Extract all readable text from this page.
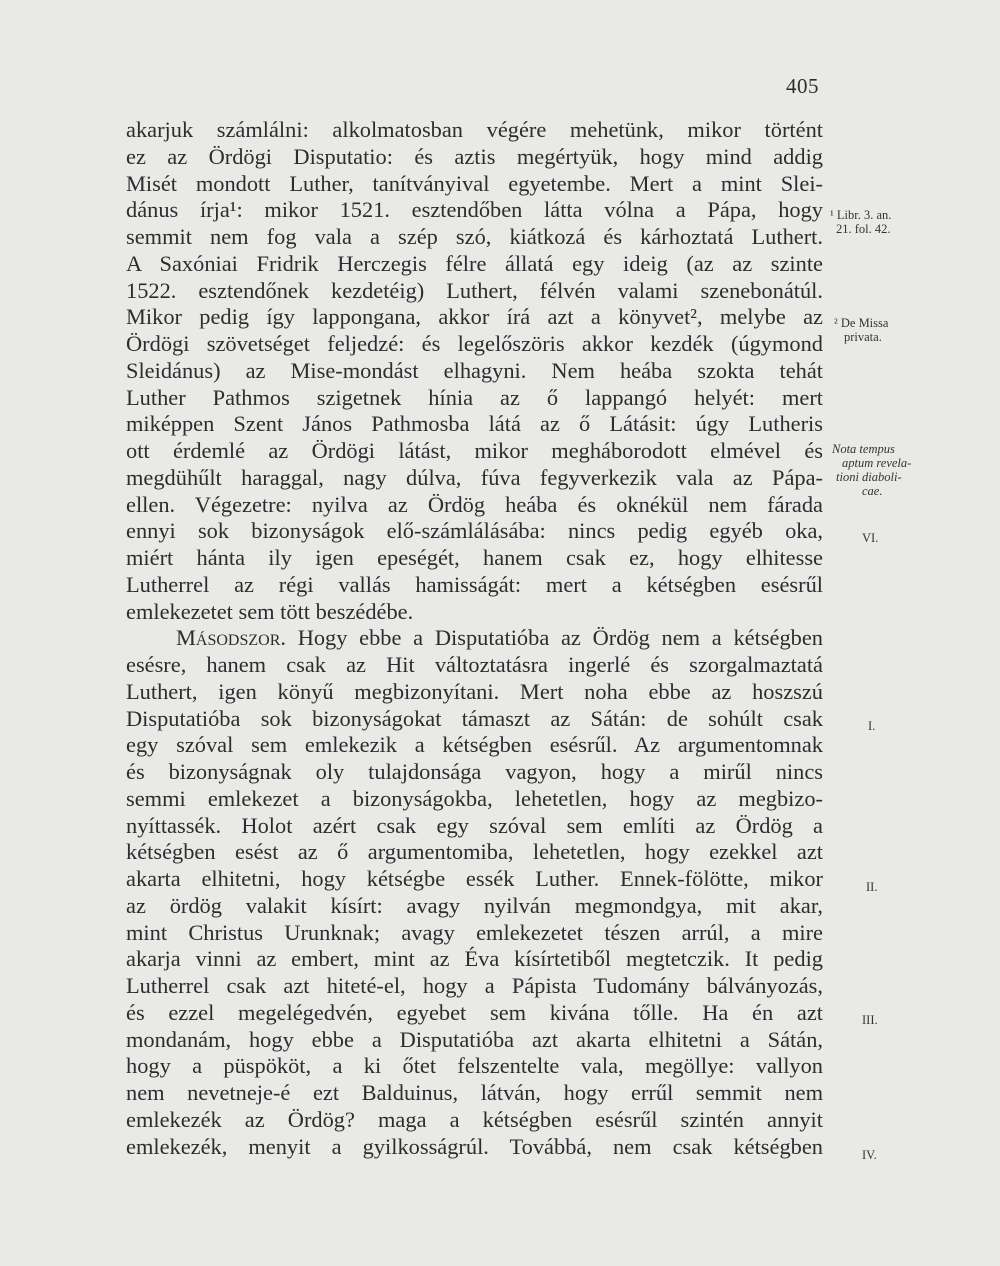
405
akarjuk számlálni: alkolmatosban végére mehetünk, mikor történt
ez az Ördögi Disputatio: és aztis megértyük, hogy mind addig
Misét mondott Luther, tanítványival egyetembe. Mert a mint Slei-
dánus írja¹: mikor 1521. esztendőben látta vólna a Pápa, hogy
semmit nem fog vala a szép szó, kiátkozá és kárhoztatá Luthert.
A Saxóniai Fridrik Herczegis félre állatá egy ideig (az az szinte
1522. esztendőnek kezdetéig) Luthert, félvén valami szenebonátúl.
Mikor pedig így lappongana, akkor írá azt a könyvet², melybe az
Ördögi szövetséget feljedzé: és legelőszöris akkor kezdék (úgymond
Sleidánus) az Mise-mondást elhagyni. Nem heába szokta tehát
Luther Pathmos szigetnek hínia az ő lappangó helyét: mert
miképpen Szent János Pathmosba látá az ő Látásit: úgy Lutheris
ott érdemlé az Ördögi látást, mikor megháborodott elmével és
megdühűlt haraggal, nagy dúlva, fúva fegyverkezik vala az Pápa-
ellen. Végezetre: nyilva az Ördög heába és oknékül nem fárada
ennyi sok bizonyságok elő-számlálásába: nincs pedig egyéb oka,
miért hánta ily igen epeségét, hanem csak ez, hogy elhitesse
Lutherrel az régi vallás hamisságát: mert a kétségben esésrűl
emlekezetet sem tött beszédébe.
Másodszor. Hogy ebbe a Disputatióba az Ördög nem a kétségben
esésre, hanem csak az Hit változtatásra ingerlé és szorgalmaztatá
Luthert, igen könyű megbizonyítani. Mert noha ebbe az hoszszú
Disputatióba sok bizonyságokat támaszt az Sátán: de sohúlt csak
egy szóval sem emlekezik a kétségben esésrűl. Az argumentomnak
és bizonyságnak oly tulajdonsága vagyon, hogy a mirűl nincs
semmi emlekezet a bizonyságokba, lehetetlen, hogy az megbizo-
nyíttassék. Holot azért csak egy szóval sem említi az Ördög a
kétségben esést az ő argumentomiba, lehetetlen, hogy ezekkel azt
akarta elhitetni, hogy kétségbe essék Luther. Ennek-fölötte, mikor
az ördög valakit kísírt: avagy nyilván megmondgya, mit akar,
mint Christus Urunknak; avagy emlekezetet tészen arrúl, a mire
akarja vinni az embert, mint az Éva kísírtetiből megtetczik. It pedig
Lutherrel csak azt hiteté-el, hogy a Pápista Tudomány bálványozás,
és ezzel megelégedvén, egyebet sem kivána tőlle. Ha én azt
mondanám, hogy ebbe a Disputatióba azt akarta elhitetni a Sátán,
hogy a püspököt, a ki őtet felszentelte vala, megöllye: vallyon
nem nevetneje-é ezt Balduinus, látván, hogy errűl semmit nem
emlekezék az Ördög? maga a kétségben esésrűl szintén annyit
emlekezék, menyit a gyilkosságrúl. Továbbá, nem csak kétségben
¹ Libr. 3. an.
21. fol. 42.
² De Missa
privata.
Nota tempus
aptum revela-
tioni diaboli-
cae.
VI.
I.
II.
III.
IV.
